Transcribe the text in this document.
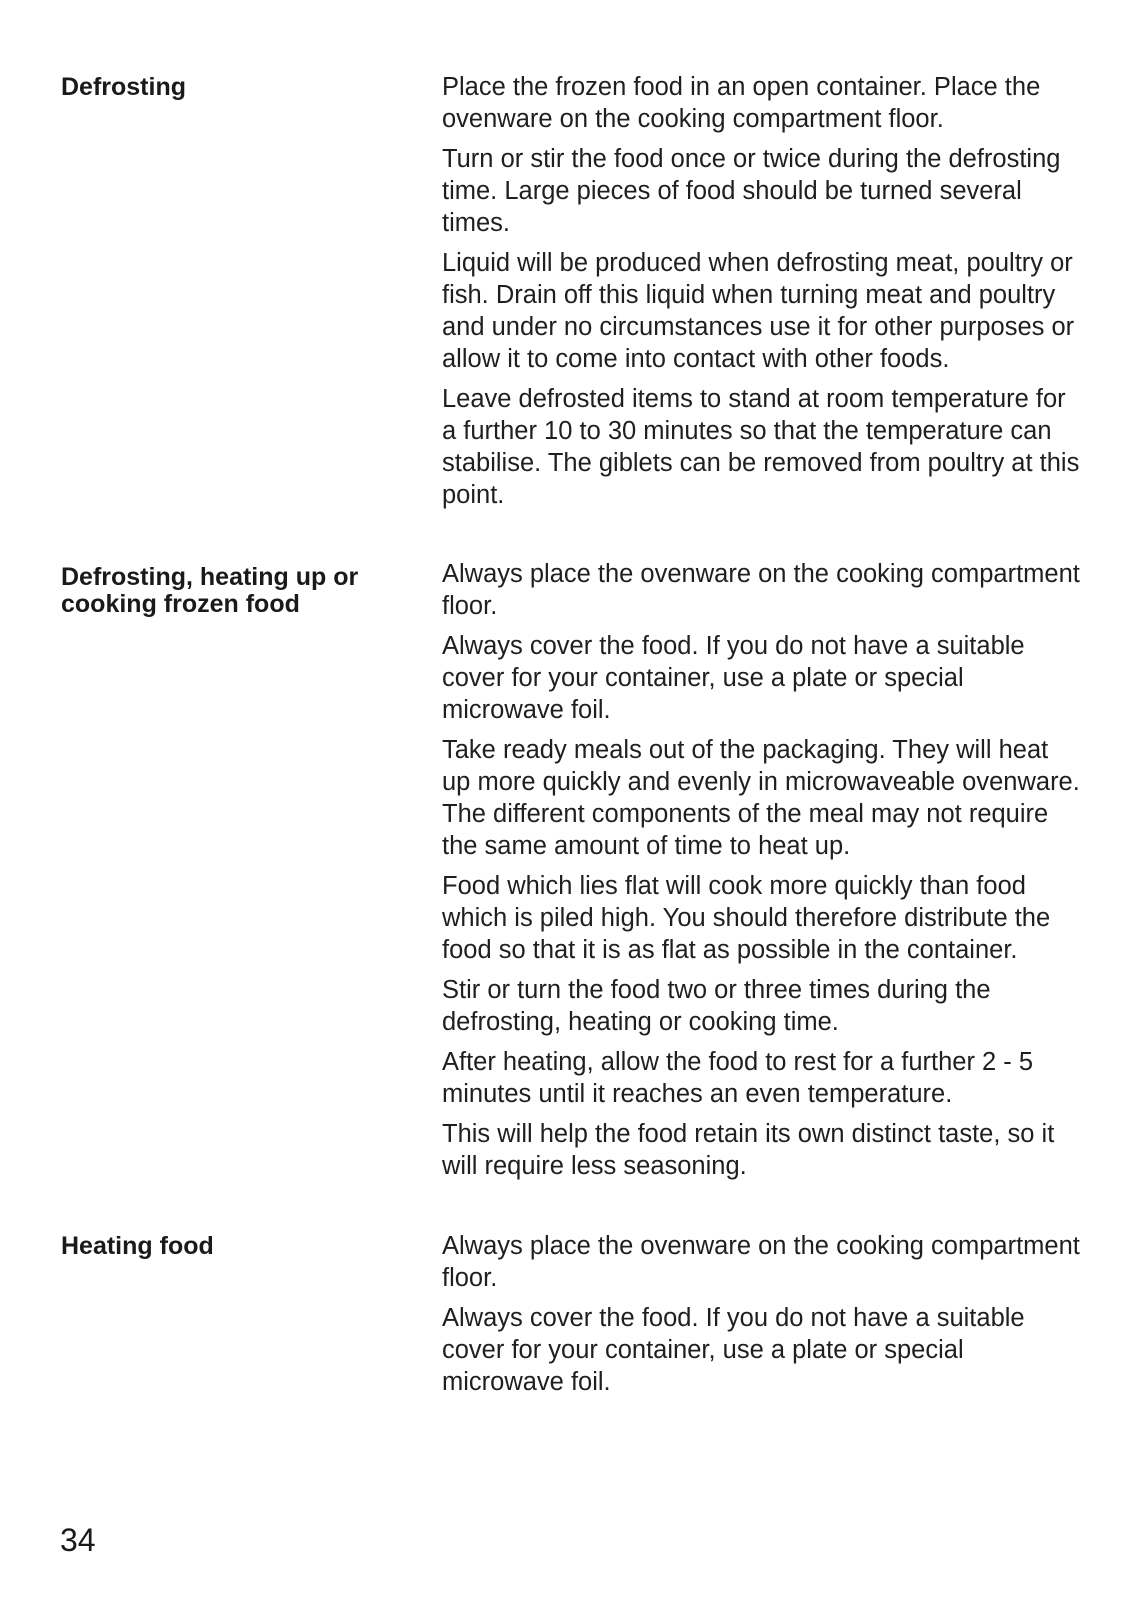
Defrosting	Place the frozen food in an open container. Place the ovenware on the cooking compartment floor.

Turn or stir the food once or twice during the defrosting time. Large pieces of food should be turned several times.

Liquid will be produced when defrosting meat, poultry or fish. Drain off this liquid when turning meat and poultry and under no circumstances use it for other purposes or allow it to come into contact with other foods.

Leave defrosted items to stand at room temperature for a further 10 to 30 minutes so that the temperature can stabilise. The giblets can be removed from poultry at this point.

Defrosting, heating up or cooking frozen food

Always place the ovenware on the cooking compartment floor.

Always cover the food. If you do not have a suitable cover for your container, use a plate or special microwave foil.

Take ready meals out of the packaging. They will heat up more quickly and evenly in microwaveable ovenware.

The different components of the meal may not require the same amount of time to heat up.

Food which lies flat will cook more quickly than food which is piled high. You should therefore distribute the food so that it is as flat as possible in the container.

Stir or turn the food two or three times during the defrosting, heating or cooking time.

After heating, allow the food to rest for a further 2 - 5 minutes until it reaches an even temperature.

This will help the food retain its own distinct taste, so it will require less seasoning.

Heating food	Always place the ovenware on the cooking compartment floor.

Always cover the food. If you do not have a suitable cover for your container, use a plate or special microwave foil.

34
